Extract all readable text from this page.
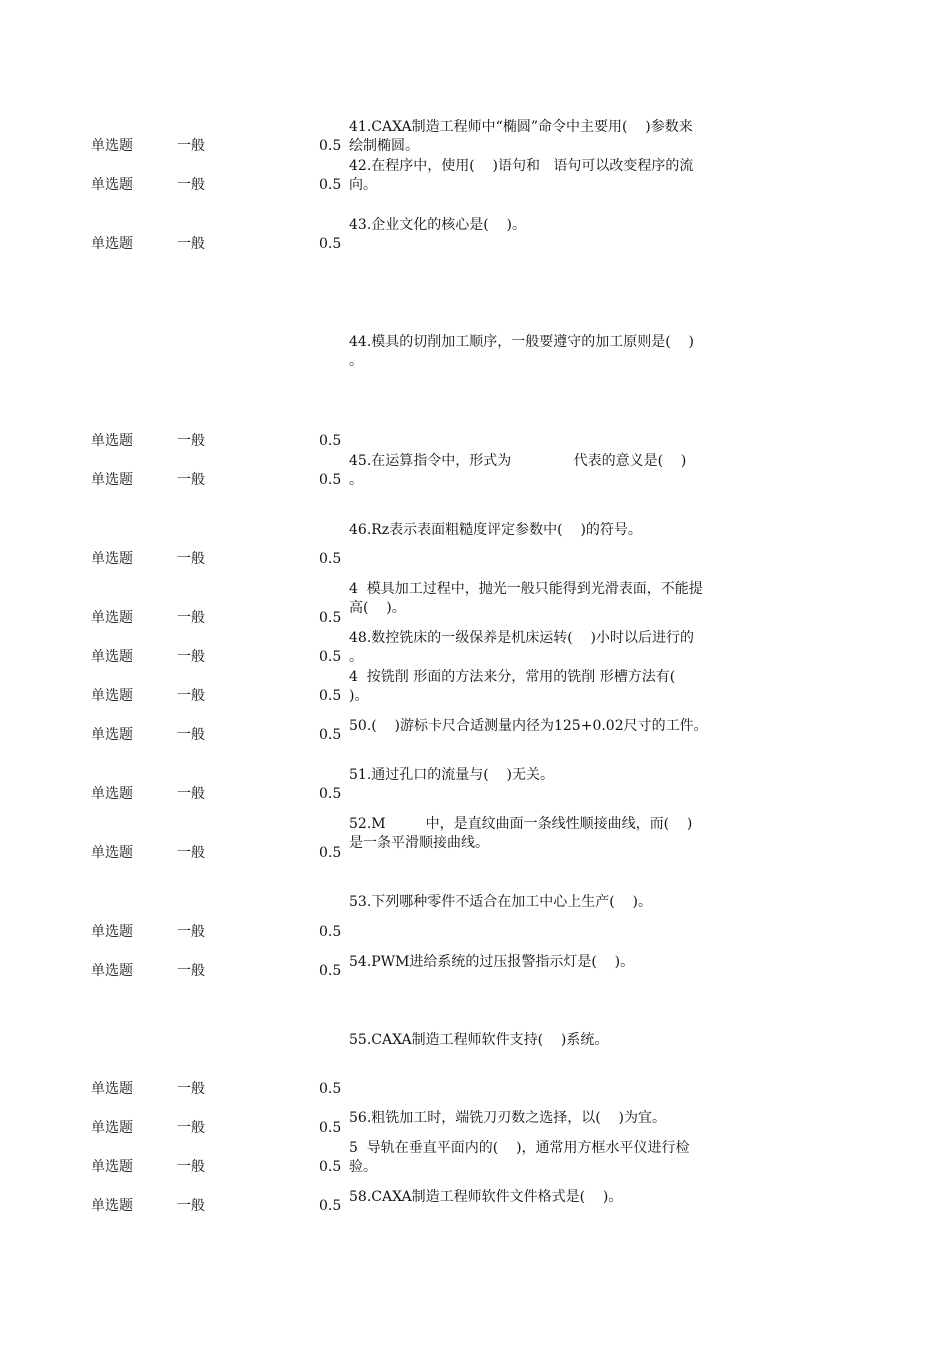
单选题	一般	0.5
41.CAXA制造工程师中“椭圆”命令中主要用(    )参数来
绘制椭圆。
单选题	一般	0.5
42.在程序中，使用(    )语句和   语句可以改变程序的流
向。
单选题	一般	0.5
43.企业文化的核心是(    )。
单选题	一般	0.5
44.模具的切削加工顺序，一般要遵守的加工原则是(    )
。
单选题	一般	0.5
45.在运算指令中，形式为              代表的意义是(    )
。
单选题	一般	0.5
46.Rz表示表面粗糙度评定参数中(    )的符号。
单选题	一般	0.5
4  模具加工过程中，抛光一般只能得到光滑表面，不能提
高(    )。
单选题	一般	0.5
48.数控铣床的一级保养是机床运转(    )小时以后进行的
。
单选题	一般	0.5
4  按铣削 形面的方法来分，常用的铣削 形槽方法有(
)。
单选题	一般	0.5
50.(    )游标卡尺合适测量内径为125+0.02尺寸的工件。
单选题	一般	0.5
51.通过孔口的流量与(    )无关。
单选题	一般	0.5
52.M         中，是直纹曲面一条线性顺接曲线，而(    )
是一条平滑顺接曲线。
单选题	一般	0.5
53.下列哪种零件不适合在加工中心上生产(    )。
单选题	一般	0.5
54.PWM进给系统的过压报警指示灯是(    )。
单选题	一般	0.5
55.CAXA制造工程师软件支持(    )系统。
单选题	一般	0.5
56.粗铣加工时，端铣刀刃数之选择，以(    )为宜。
单选题	一般	0.5
5  导轨在垂直平面内的(    )，通常用方框水平仪进行检
验。
单选题	一般	0.5
58.CAXA制造工程师软件文件格式是(    )。
